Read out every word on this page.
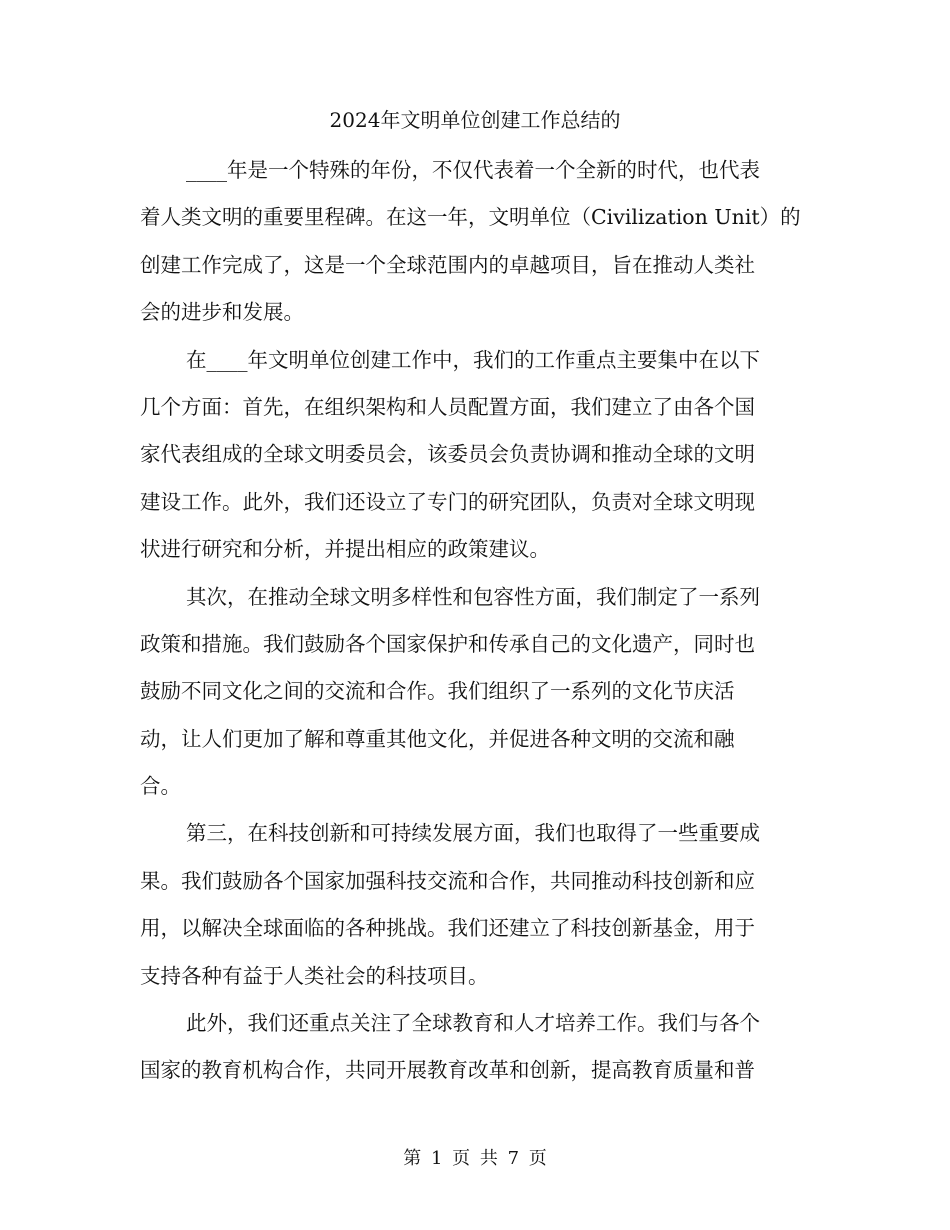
2024年文明单位创建工作总结的
____年是一个特殊的年份，不仅代表着一个全新的时代，也代表
着人类文明的重要里程碑。在这一年，文明单位（Civilization Unit）的
创建工作完成了，这是一个全球范围内的卓越项目，旨在推动人类社
会的进步和发展。
在____年文明单位创建工作中，我们的工作重点主要集中在以下
几个方面：首先，在组织架构和人员配置方面，我们建立了由各个国
家代表组成的全球文明委员会，该委员会负责协调和推动全球的文明
建设工作。此外，我们还设立了专门的研究团队，负责对全球文明现
状进行研究和分析，并提出相应的政策建议。
其次，在推动全球文明多样性和包容性方面，我们制定了一系列
政策和措施。我们鼓励各个国家保护和传承自己的文化遗产，同时也
鼓励不同文化之间的交流和合作。我们组织了一系列的文化节庆活
动，让人们更加了解和尊重其他文化，并促进各种文明的交流和融
合。
第三，在科技创新和可持续发展方面，我们也取得了一些重要成
果。我们鼓励各个国家加强科技交流和合作，共同推动科技创新和应
用，以解决全球面临的各种挑战。我们还建立了科技创新基金，用于
支持各种有益于人类社会的科技项目。
此外，我们还重点关注了全球教育和人才培养工作。我们与各个
国家的教育机构合作，共同开展教育改革和创新，提高教育质量和普
第 1 页 共 7 页
